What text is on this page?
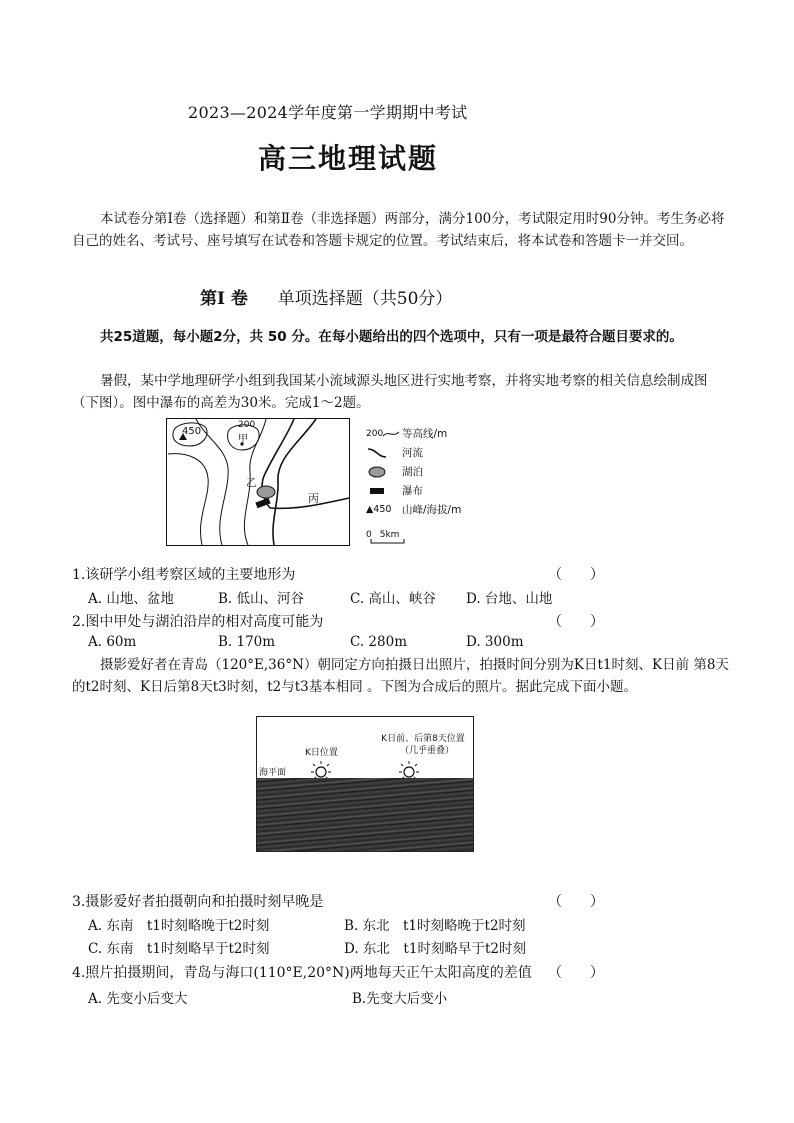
2023—2024学年度第一学期期中考试
高三地理试题
本试卷分第Ⅰ卷（选择题）和第Ⅱ卷（非选择题）两部分，满分100分，考试限定用时90分钟。考生务必将自己的姓名、考试号、座号填写在试卷和答题卡规定的位置。考试结束后，将本试卷和答题卡一并交回。
第Ⅰ 卷 单项选择题（共50分）
共25道题，每小题2分，共 50 分。在每小题给出的四个选项中，只有一项是最符合题目要求的。
暑假，某中学地理研学小组到我国某小流域源头地区进行实地考察，并将实地考察的相关信息绘制成图（下图）。图中瀑布的高差为30米。完成1～2题。
450
200
甲
乙
丙
200 等高线/m
河流
湖泊
瀑布
▲450 山峰/海拔/m
0 5km
1.该研学小组考察区域的主要地形为	（　　）
A. 山地、盆地	B. 低山、河谷	C. 高山、峡谷 D. 台地、山地
2.图中甲处与湖泊沿岸的相对高度可能为	（　　）
A. 60m	B. 170m	C. 280m	D. 300m
摄影爱好者在青岛（120°E,36°N）朝同定方向拍摄日出照片，拍摄时间分别为K日t1时刻、K日前 第8天的t2时刻、K日后第8天t3时刻，t2与t3基本相同 。下图为合成后的照片。据此完成下面小题。
K日位置
K日前、后第8天位置
（几乎重叠）
海平面
3.摄影爱好者拍摄朝向和拍摄时刻早晚是	（　　）
A. 东南　t1时刻略晚于t2时刻	B. 东北　t1时刻略晚于t2时刻
C. 东南　t1时刻略早于t2时刻	D. 东北　t1时刻略早于t2时刻
4.照片拍摄期间，青岛与海口(110°E,20°N)两地每天正午太阳高度的差值 （　　）
A. 先变小后变大	B.先变大后变小
